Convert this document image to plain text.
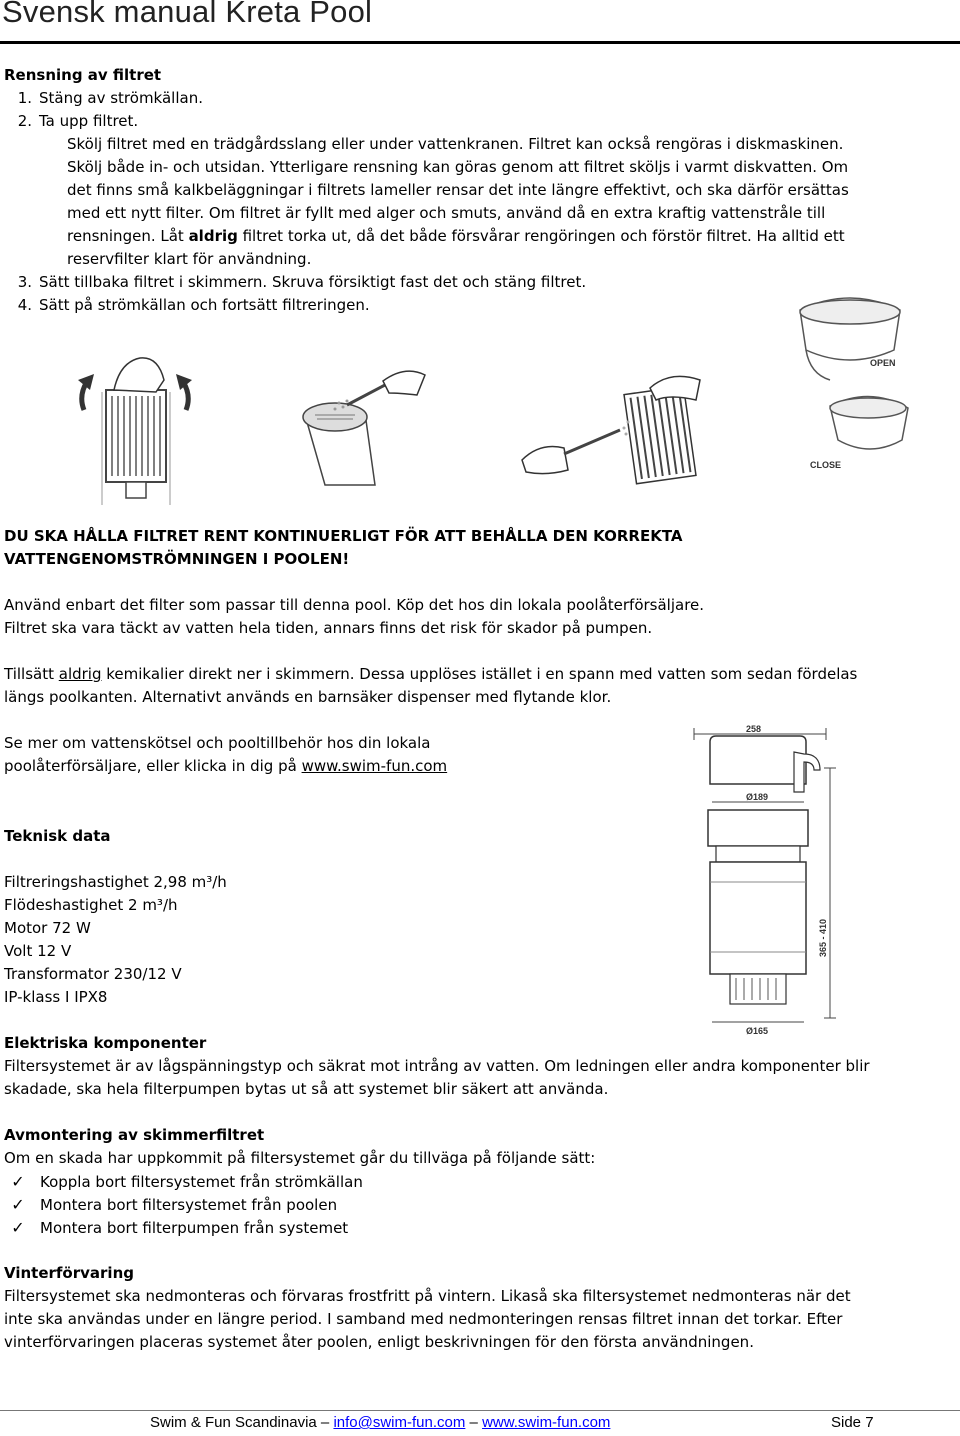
Svensk manual Kreta Pool
Rensning av filtret
1. Stäng av strömkällan.
2. Ta upp filtret.
Skölj filtret med en trädgårdsslang eller under vattenkranen. Filtret kan också rengöras i diskmaskinen.
Skölj både in- och utsidan. Ytterligare rensning kan göras genom att filtret sköljs i varmt diskvatten. Om
det finns små kalkbeläggningar i filtrets lameller rensar det inte längre effektivt, och ska därför ersättas
med ett nytt filter. Om filtret är fyllt med alger och smuts, använd då en extra kraftig vattenstråle till
rensningen. Låt aldrig filtret torka ut, då det både försvårar rengöringen och förstör filtret. Ha alltid ett
reservfilter klart för användning.
3. Sätt tillbaka filtret i skimmern. Skruva försiktigt fast det och stäng filtret.
4. Sätt på strömkällan och fortsätt filtreringen.
OPEN
CLOSE
DU SKA HÅLLA FILTRET RENT KONTINUERLIGT FÖR ATT BEHÅLLA DEN KORREKTA
VATTENGENOMSTRÖMNINGEN I POOLEN!
Använd enbart det filter som passar till denna pool. Köp det hos din lokala poolåterförsäljare.
Filtret ska vara täckt av vatten hela tiden, annars finns det risk för skador på pumpen.
Tillsätt aldrig kemikalier direkt ner i skimmern. Dessa upplöses istället i en spann med vatten som sedan fördelas
längs poolkanten. Alternativt används en barnsäker dispenser med flytande klor.
Se mer om vattenskötsel och pooltillbehör hos din lokala
poolåterförsäljare, eller klicka in dig på www.swim-fun.com
Teknisk data
Filtreringshastighet 2,98 m³/h
Flödeshastighet 2 m³/h
Motor 72 W
Volt 12 V
Transformator 230/12 V
IP-klass I IPX8
258
Ø189
365 - 410
Ø165
Elektriska komponenter
Filtersystemet är av lågspänningstyp och säkrat mot intrång av vatten. Om ledningen eller andra komponenter blir
skadade, ska hela filterpumpen bytas ut så att systemet blir säkert att använda.
Avmontering av skimmerfiltret
Om en skada har uppkommit på filtersystemet går du tillväga på följande sätt:
✓ Koppla bort filtersystemet från strömkällan
✓ Montera bort filtersystemet från poolen
✓ Montera bort filterpumpen från systemet
Vinterförvaring
Filtersystemet ska nedmonteras och förvaras frostfritt på vintern. Likaså ska filtersystemet nedmonteras när det
inte ska användas under en längre period. I samband med nedmonteringen rensas filtret innan det torkar. Efter
vinterförvaringen placeras systemet åter poolen, enligt beskrivningen för den första användningen.
Swim & Fun Scandinavia – info@swim-fun.com – www.swim-fun.com	Side 7
